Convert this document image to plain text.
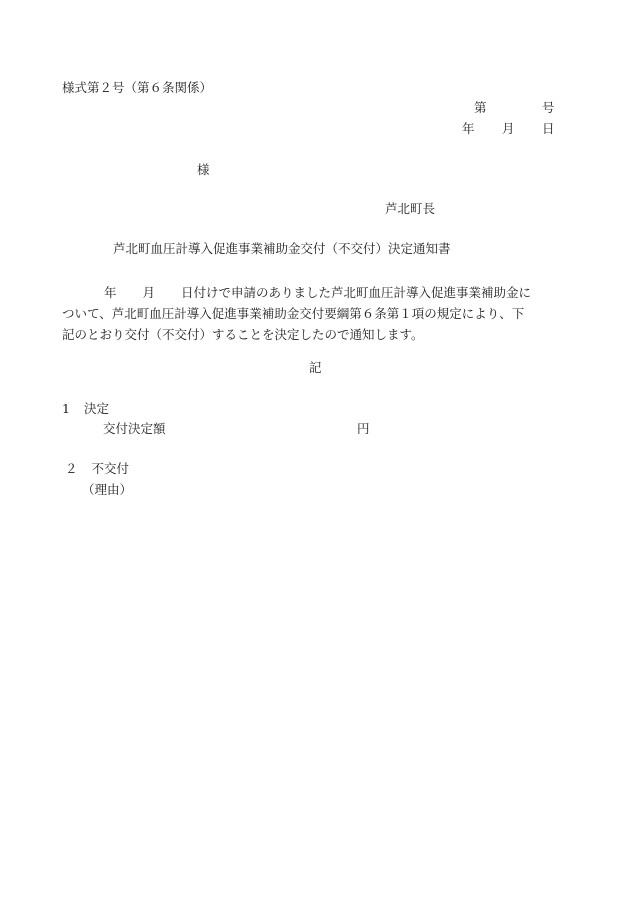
様式第２号（第６条関係）
第	号
年 月 日
様
芦北町長
芦北町血圧計導入促進事業補助金交付（不交付）決定通知書
年 月 日付けで申請のありました芦北町血圧計導入促進事業補助金に
ついて、芦北町血圧計導入促進事業補助金交付要綱第６条第１項の規定により、下
記のとおり交付（不交付）することを決定したので通知します。
記
1 決定
交付決定額	円
２ 不交付
（理由）
